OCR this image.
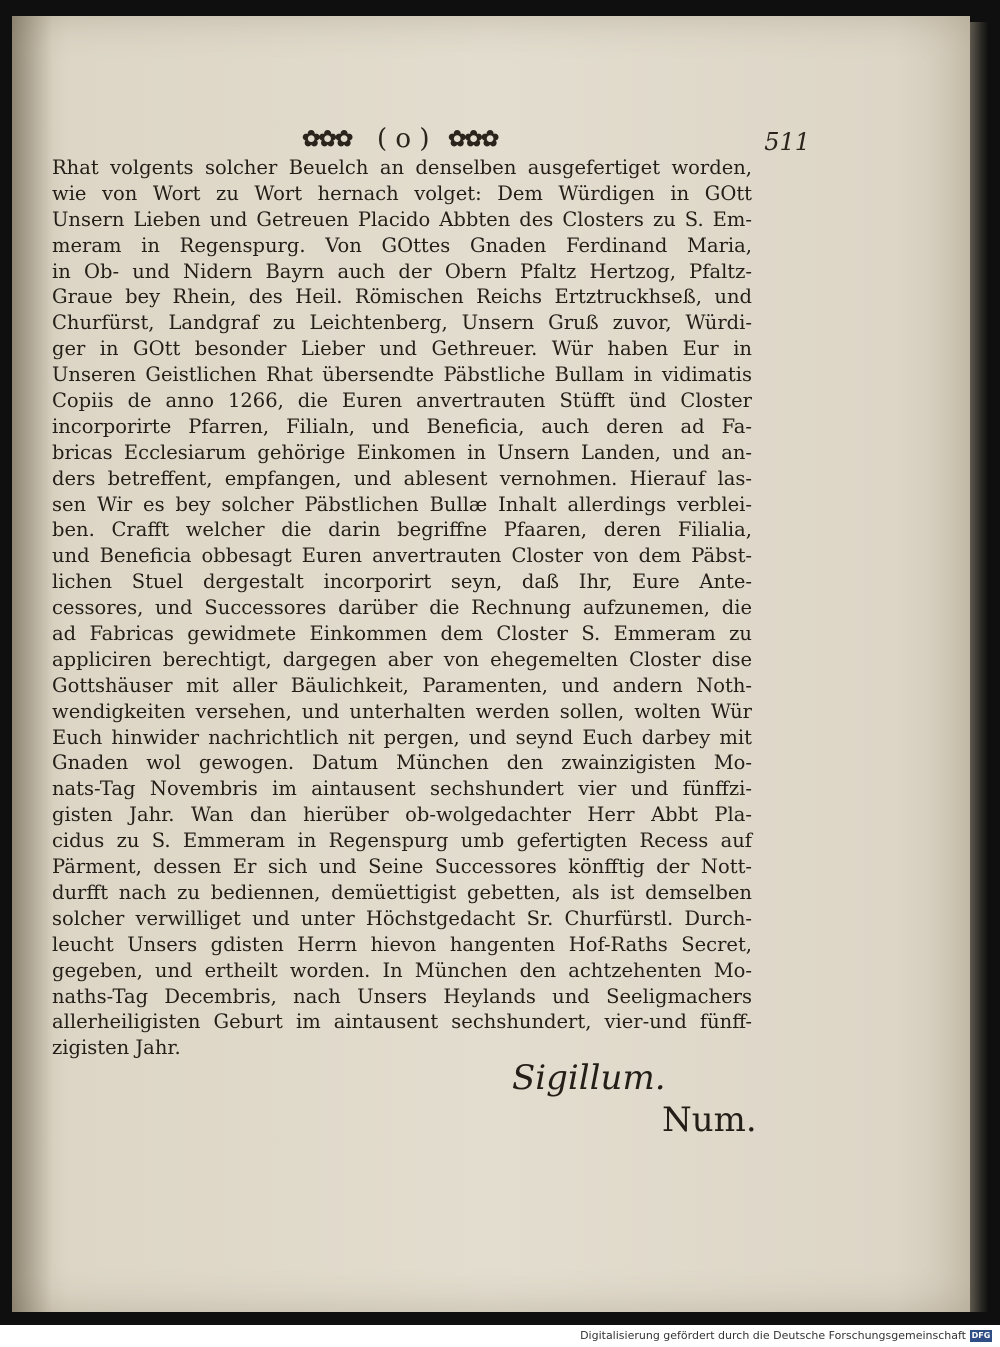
✿✿✿ ( o ) ✿✿✿	511
Rhat volgents solcher Beuelch an denselben ausgefertiget worden,
wie von Wort zu Wort hernach volget: Dem Würdigen in GOtt
Unsern Lieben und Getreuen Placido Abbten des Closters zu S. Em-
meram in Regenspurg. Von GOttes Gnaden Ferdinand Maria,
in Ob- und Nidern Bayrn auch der Obern Pfaltz Hertzog, Pfaltz-
Graue bey Rhein, des Heil. Römischen Reichs Ertztruckhseß, und
Churfürst, Landgraf zu Leichtenberg, Unsern Gruß zuvor, Würdi-
ger in GOtt besonder Lieber und Gethreuer. Wür haben Eur in
Unseren Geistlichen Rhat übersendte Päbstliche Bullam in vidimatis
Copiis de anno 1266, die Euren anvertrauten Stüfft ünd Closter
incorporirte Pfarren, Filialn, und Beneficia, auch deren ad Fa-
bricas Ecclesiarum gehörige Einkomen in Unsern Landen, und an-
ders betreffent, empfangen, und ablesent vernohmen. Hierauf las-
sen Wir es bey solcher Päbstlichen Bullæ Inhalt allerdings verblei-
ben. Crafft welcher die darin begriffne Pfaaren, deren Filialia,
und Beneficia obbesagt Euren anvertrauten Closter von dem Päbst-
lichen Stuel dergestalt incorporirt seyn, daß Ihr, Eure Ante-
cessores, und Successores darüber die Rechnung aufzunemen, die
ad Fabricas gewidmete Einkommen dem Closter S. Emmeram zu
appliciren berechtigt, dargegen aber von ehegemelten Closter dise
Gottshäuser mit aller Bäulichkeit, Paramenten, und andern Noth-
wendigkeiten versehen, und unterhalten werden sollen, wolten Wür
Euch hinwider nachrichtlich nit pergen, und seynd Euch darbey mit
Gnaden wol gewogen. Datum München den zwainzigisten Mo-
nats-Tag Novembris im aintausent sechshundert vier und fünffzi-
gisten Jahr. Wan dan hierüber ob-wolgedachter Herr Abbt Pla-
cidus zu S. Emmeram in Regenspurg umb gefertigten Recess auf
Pärment, dessen Er sich und Seine Successores könfftig der Nott-
durfft nach zu bediennen, demüettigist gebetten, als ist demselben
solcher verwilliget und unter Höchstgedacht Sr. Churfürstl. Durch-
leucht Unsers gdisten Herrn hievon hangenten Hof-Raths Secret,
gegeben, und ertheilt worden. In München den achtzehenten Mo-
naths-Tag Decembris, nach Unsers Heylands und Seeligmachers
allerheiligisten Geburt im aintausent sechshundert, vier-und fünff-
zigisten Jahr.
Sigillum.
Num.
Digitalisierung gefördert durch die Deutsche Forschungsgemeinschaft DFG
